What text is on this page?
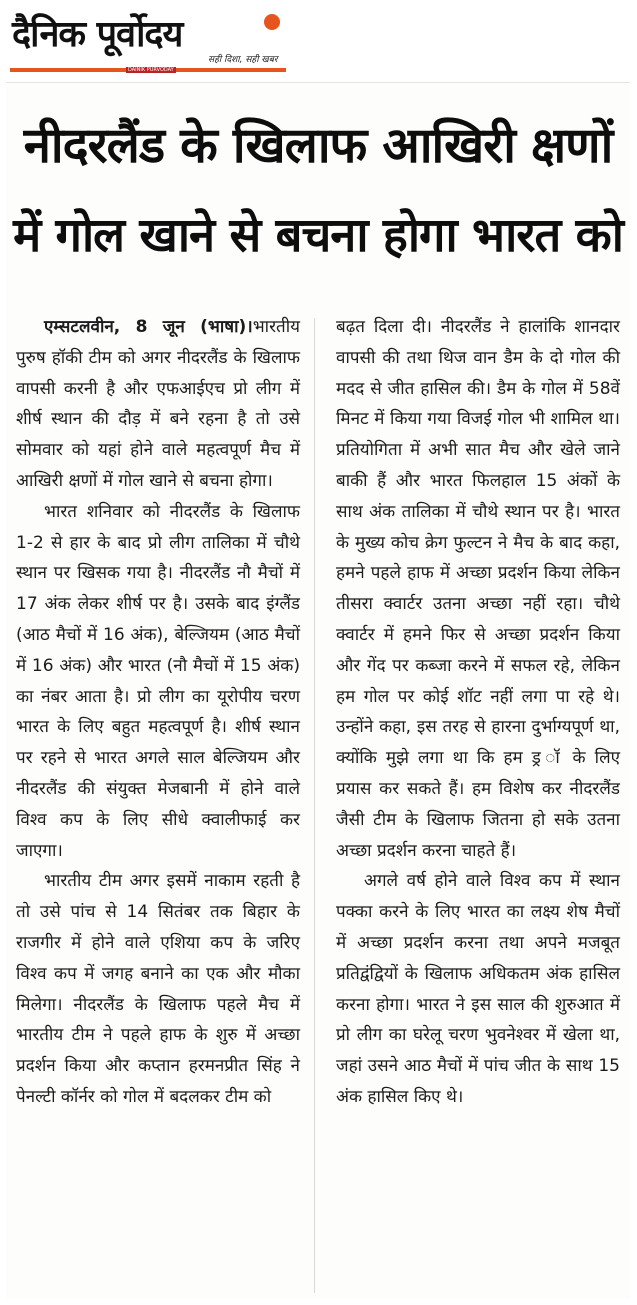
दैनिक पूर्वोदय
सही दिशा, सही खबर
DAINIK PURVODAY
नीदरलैंड के खिलाफ आखिरी क्षणों
में गोल खाने से बचना होगा भारत को

एम्सटलवीन, 8 जून (भाषा)।भारतीय पुरुष हॉकी टीम को अगर नीदरलैंड के खिलाफ वापसी करनी है और एफआईएच प्रो लीग में शीर्ष स्थान की दौड़ में बने रहना है तो उसे सोमवार को यहां होने वाले महत्वपूर्ण मैच में आखिरी क्षणों में गोल खाने से बचना होगा।

भारत शनिवार को नीदरलैंड के खिलाफ 1-2 से हार के बाद प्रो लीग तालिका में चौथे स्थान पर खिसक गया है। नीदरलैंड नौ मैचों में 17 अंक लेकर शीर्ष पर है। उसके बाद इंग्लैंड (आठ मैचों में 16 अंक), बेल्जियम (आठ मैचों में 16 अंक) और भारत (नौ मैचों में 15 अंक) का नंबर आता है। प्रो लीग का यूरोपीय चरण भारत के लिए बहुत महत्वपूर्ण है। शीर्ष स्थान पर रहने से भारत अगले साल बेल्जियम और नीदरलैंड की संयुक्त मेजबानी में होने वाले विश्व कप के लिए सीधे क्वालीफाई कर जाएगा।

भारतीय टीम अगर इसमें नाकाम रहती है तो उसे पांच से 14 सितंबर तक बिहार के राजगीर में होने वाले एशिया कप के जरिए विश्व कप में जगह बनाने का एक और मौका मिलेगा। नीदरलैंड के खिलाफ पहले मैच में भारतीय टीम ने पहले हाफ के शुरु में अच्छा प्रदर्शन किया और कप्तान हरमनप्रीत सिंह ने पेनल्टी कॉर्नर को गोल में बदलकर टीम को

बढ़त दिला दी। नीदरलैंड ने हालांकि शानदार वापसी की तथा थिज वान डैम के दो गोल की मदद से जीत हासिल की। डैम के गोल में 58वें मिनट में किया गया विजई गोल भी शामिल था। प्रतियोगिता में अभी सात मैच और खेले जाने बाकी हैं और भारत फिलहाल 15 अंकों के साथ अंक तालिका में चौथे स्थान पर है। भारत के मुख्य कोच क्रेग फुल्टन ने मैच के बाद कहा, हमने पहले हाफ में अच्छा प्रदर्शन किया लेकिन तीसरा क्वार्टर उतना अच्छा नहीं रहा। चौथे क्वार्टर में हमने फिर से अच्छा प्रदर्शन किया और गेंद पर कब्जा करने में सफल रहे, लेकिन हम गोल पर कोई शॉट नहीं लगा पा रहे थे। उन्होंने कहा, इस तरह से हारना दुर्भाग्यपूर्ण था, क्योंकि मुझे लगा था कि हम ड्र ॉ के लिए प्रयास कर सकते हैं। हम विशेष कर नीदरलैंड जैसी टीम के खिलाफ जितना हो सके उतना अच्छा प्रदर्शन करना चाहते हैं।

अगले वर्ष होने वाले विश्व कप में स्थान पक्का करने के लिए भारत का लक्ष्य शेष मैचों में अच्छा प्रदर्शन करना तथा अपने मजबूत प्रतिद्वंद्वियों के खिलाफ अधिकतम अंक हासिल करना होगा। भारत ने इस साल की शुरुआत में प्रो लीग का घरेलू चरण भुवनेश्वर में खेला था, जहां उसने आठ मैचों में पांच जीत के साथ 15 अंक हासिल किए थे।
